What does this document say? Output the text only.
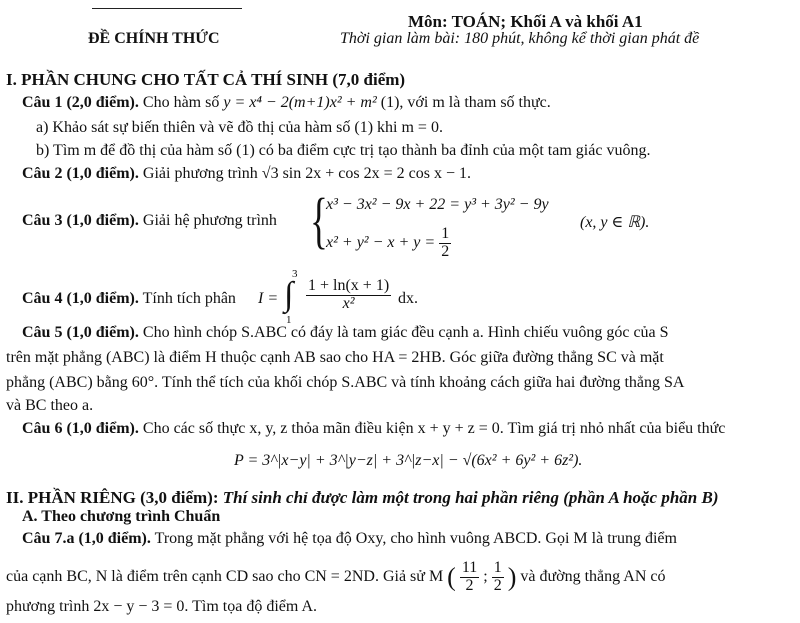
Môn: TOÁN; Khối A và khối A1
ĐỀ CHÍNH THỨC	Thời gian làm bài: 180 phút, không kể thời gian phát đề
I. PHẦN CHUNG CHO TẤT CẢ THÍ SINH (7,0 điểm)
Câu 1 (2,0 điểm). Cho hàm số y = x⁴ − 2(m+1)x² + m² (1), với m là tham số thực.
a) Khảo sát sự biến thiên và vẽ đồ thị của hàm số (1) khi m = 0.
b) Tìm m để đồ thị của hàm số (1) có ba điểm cực trị tạo thành ba đỉnh của một tam giác vuông.
Câu 2 (1,0 điểm). Giải phương trình √3 sin 2x + cos 2x = 2 cos x − 1.
Câu 3 (1,0 điểm). Giải hệ phương trình {
x³ − 3x² − 9x + 22 = y³ + 3y² − 9y
$x^2 + y^2 - x + y = \frac{1}{2}$
(x, y ∈ ℝ).
Câu 4 (1,0 điểm). Tính tích phân I = ∫
3
1
$\frac{1 + \ln(x + 1)}{\text{x²}}$ dx.
Câu 5 (1,0 điểm). Cho hình chóp S.ABC có đáy là tam giác đều cạnh a. Hình chiếu vuông góc của S
trên mặt phẳng (ABC) là điểm H thuộc cạnh AB sao cho HA = 2HB. Góc giữa đường thẳng SC và mặt
phẳng (ABC) bằng 60°. Tính thể tích của khối chóp S.ABC và tính khoảng cách giữa hai đường thẳng SA
và BC theo a.
Câu 6 (1,0 điểm). Cho các số thực x, y, z thỏa mãn điều kiện x + y + z = 0. Tìm giá trị nhỏ nhất của biểu thức
P = 3^|x−y| + 3^|y−z| + 3^|z−x| − √(6x² + 6y² + 6z²).
II. PHẦN RIÊNG (3,0 điểm): Thí sinh chỉ được làm một trong hai phần riêng (phần A hoặc phần B)
A. Theo chương trình Chuẩn
Câu 7.a (1,0 điểm). Trong mặt phẳng với hệ tọa độ Oxy, cho hình vuông ABCD. Gọi M là trung điểm
của cạnh BC, N là điểm trên cạnh CD sao cho CN = 2ND. Giả sử M ( $\frac{11}{2}$ ; $\frac{1}{2}$ ) và đường thẳng AN có
phương trình 2x − y − 3 = 0. Tìm tọa độ điểm A.
